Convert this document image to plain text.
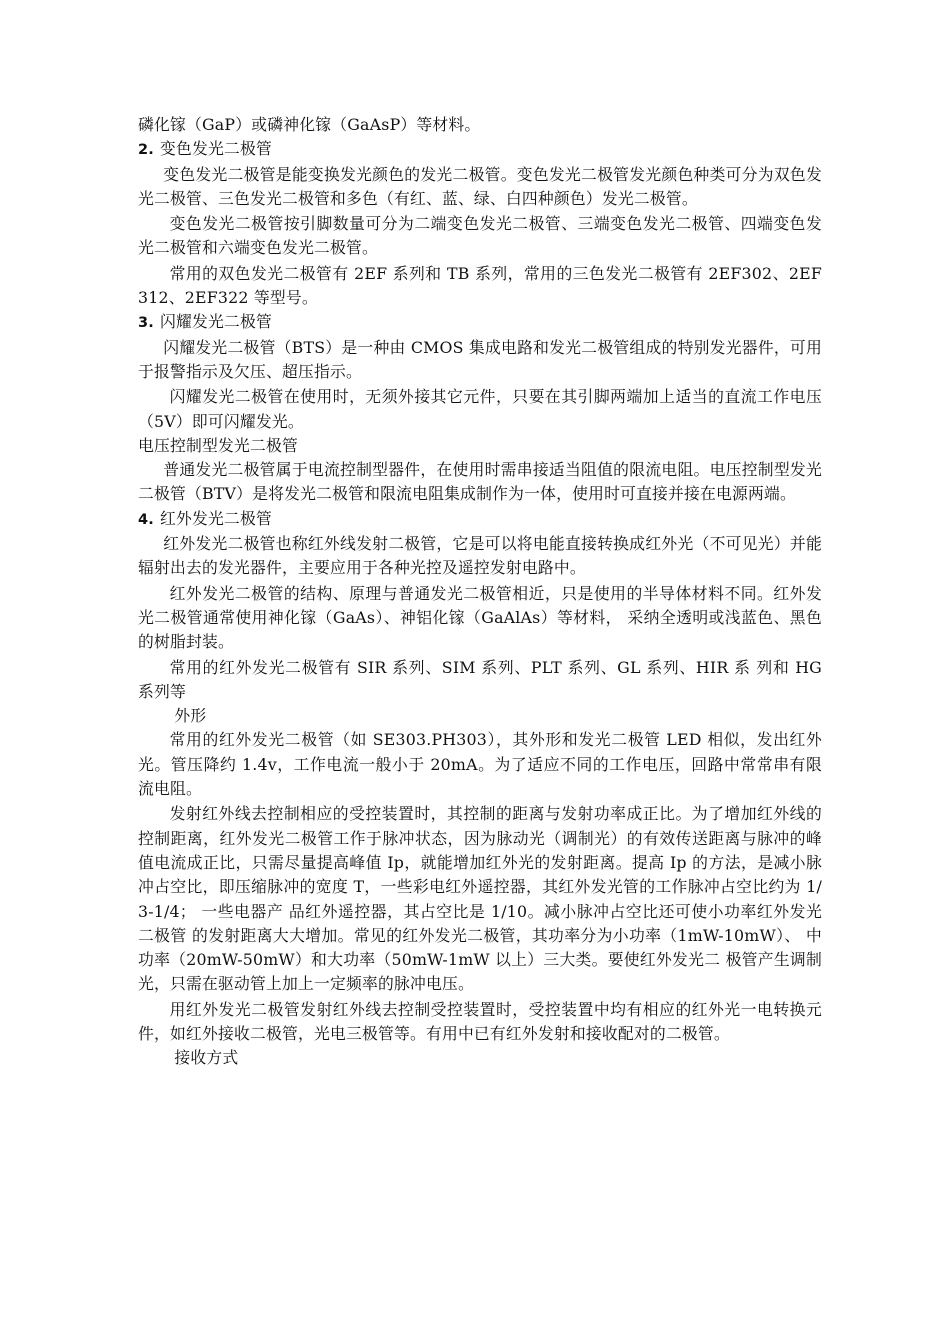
磷化镓（GaP）或磷神化镓（GaAsP）等材料。

2. 变色发光二极管

变色发光二极管是能变换发光颜色的发光二极管。变色发光二极管发光颜色种类可分为双色发光二极管、三色发光二极管和多色（有红、蓝、绿、白四种颜色）发光二极管。

变色发光二极管按引脚数量可分为二端变色发光二极管、三端变色发光二极管、四端变色发光二极管和六端变色发光二极管。

常用的双色发光二极管有 2EF 系列和 TB 系列，常用的三色发光二极管有 2EF302、2EF312、2EF322 等型号。

3. 闪耀发光二极管

闪耀发光二极管（BTS）是一种由 CMOS 集成电路和发光二极管组成的特别发光器件，可用于报警指示及欠压、超压指示。

闪耀发光二极管在使用时，无须外接其它元件，只要在其引脚两端加上适当的直流工作电压（5V）即可闪耀发光。

电压控制型发光二极管

普通发光二极管属于电流控制型器件，在使用时需串接适当阻值的限流电阻。电压控制型发光二极管（BTV）是将发光二极管和限流电阻集成制作为一体，使用时可直接并接在电源两端。

4. 红外发光二极管

红外发光二极管也称红外线发射二极管，它是可以将电能直接转换成红外光（不可见光）并能辐射出去的发光器件，主要应用于各种光控及遥控发射电路中。

红外发光二极管的结构、原理与普通发光二极管相近，只是使用的半导体材料不同。红外发光二极管通常使用神化镓（GaAs）、神铝化镓（GaAlAs）等材料， 采纳全透明或浅蓝色、黑色的树脂封装。

常用的红外发光二极管有 SIR 系列、SIM 系列、PLT 系列、GL 系列、HIR 系 列和 HG 系列等

外形

常用的红外发光二极管（如 SE303.PH303），其外形和发光二极管 LED 相似，发出红外光。管压降约 1.4v，工作电流一般小于 20mA。为了适应不同的工作电压，回路中常常串有限流电阻。

发射红外线去控制相应的受控装置时，其控制的距离与发射功率成正比。为了增加红外线的控制距离，红外发光二极管工作于脉冲状态，因为脉动光（调制光）的有效传送距离与脉冲的峰值电流成正比，只需尽量提高峰值 Ip，就能增加红外光的发射距离。提高 Ip 的方法，是减小脉冲占空比，即压缩脉冲的宽度 T，一些彩电红外遥控器，其红外发光管的工作脉冲占空比约为 1/3-1/4； 一些电器产 品红外遥控器，其占空比是 1/10。减小脉冲占空比还可使小功率红外发光二极管 的发射距离大大增加。常见的红外发光二极管，其功率分为小功率（1mW-10mW）、 中功率（20mW-50mW）和大功率（50mW-1mW 以上）三大类。要使红外发光二 极管产生调制光，只需在驱动管上加上一定频率的脉冲电压。

用红外发光二极管发射红外线去控制受控装置时，受控装置中均有相应的红外光一电转换元件，如红外接收二极管，光电三极管等。有用中已有红外发射和接收配对的二极管。

接收方式
